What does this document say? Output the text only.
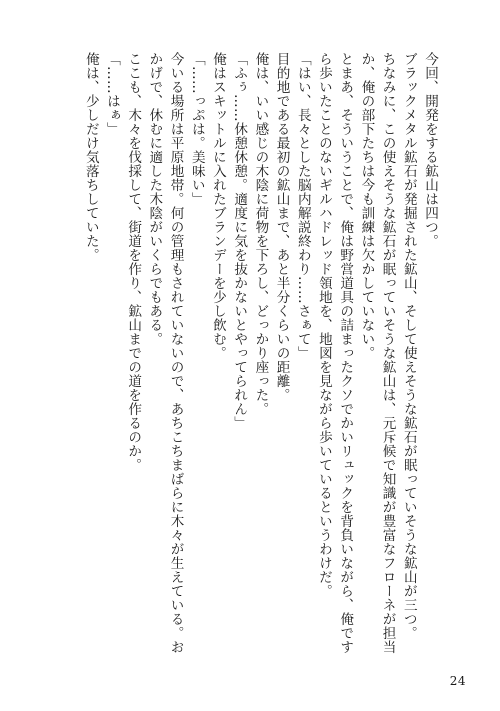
今回、開発をする鉱山は四つ。
ブラックメタル鉱石が発掘された鉱山、そして使えそうな鉱石が眠っていそうな鉱山が三つ。
ちなみに、この使えそうな鉱石が眠っていそうな鉱山は、元斥候で知識が豊富なフローネが担当
か、俺の部下たちは今も訓練は欠かしていない。
とまあ、そういうことで、俺は野営道具の詰まったクソでかいリュックを背負いながら、俺です
ら歩いたことのないギルハドレッド領地を、地図を見ながら歩いているというわけだ。
「はい、長々とした脳内解説終わり……さぁて」
目的地である最初の鉱山まで、あと半分くらいの距離。
俺は、いい感じの木陰に荷物を下ろし、どっかり座った。
「ふぅ……休憩休憩。適度に気を抜かないとやってられん」
俺はスキットルに入れたブランデーを少し飲む。
「……っぷは。美味い」
今いる場所は平原地帯。何の管理もされていないので、あちこちまばらに木々が生えている。お
かげで、休むに適した木陰がいくらでもある。
ここも、木々を伐採して、街道を作り、鉱山までの道を作るのか。
「……はぁ」
俺は、少しだけ気落ちしていた。
24
